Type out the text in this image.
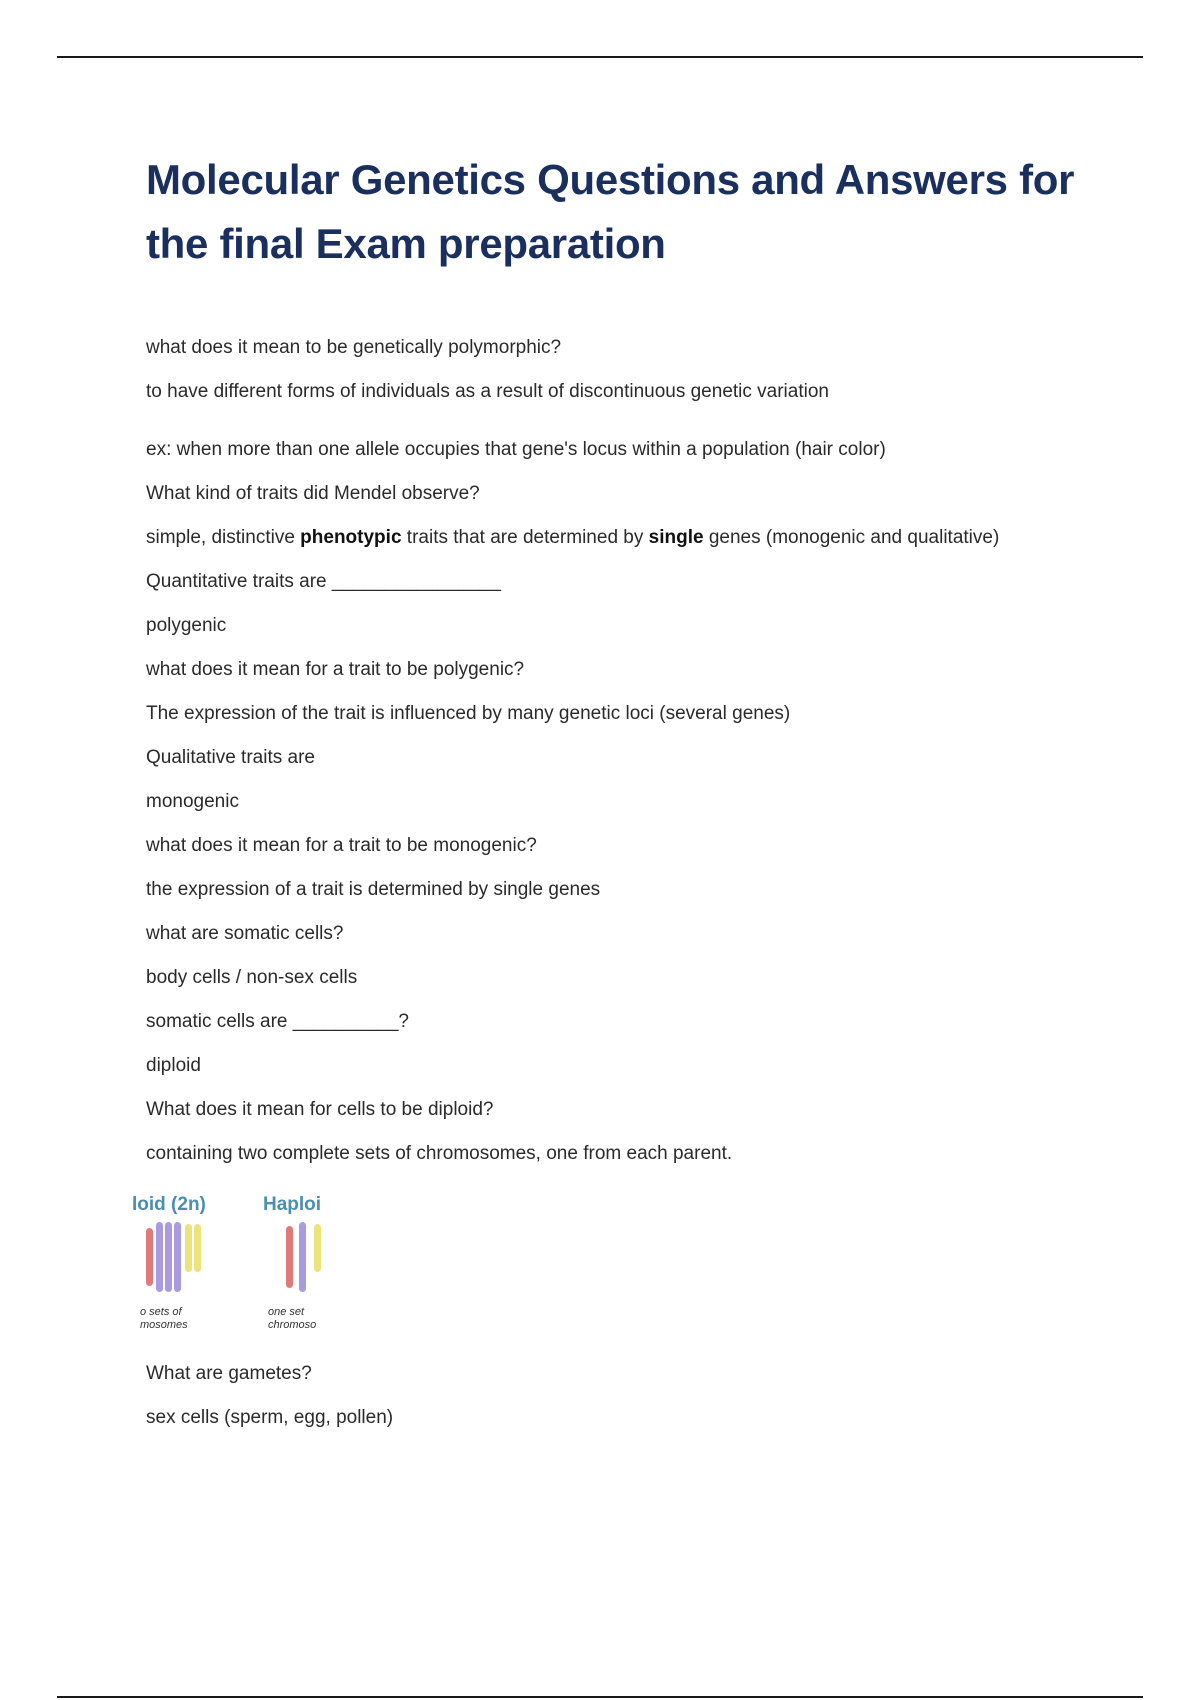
Molecular Genetics Questions and Answers for
the final Exam preparation
what does it mean to be genetically polymorphic?
to have different forms of individuals as a result of discontinuous genetic variation
ex: when more than one allele occupies that gene's locus within a population (hair color)
What kind of traits did Mendel observe?
simple, distinctive phenotypic traits that are determined by single genes (monogenic and qualitative)
Quantitative traits are ________________
polygenic
what does it mean for a trait to be polygenic?
The expression of the trait is influenced by many genetic loci (several genes)
Qualitative traits are
monogenic
what does it mean for a trait to be monogenic?
the expression of a trait is determined by single genes
what are somatic cells?
body cells / non-sex cells
somatic cells are __________?
diploid
What does it mean for cells to be diploid?
containing two complete sets of chromosomes, one from each parent.
loid (2n)	Haploi
o sets of
mosomes
one set
chromoso
What are gametes?
sex cells (sperm, egg, pollen)
